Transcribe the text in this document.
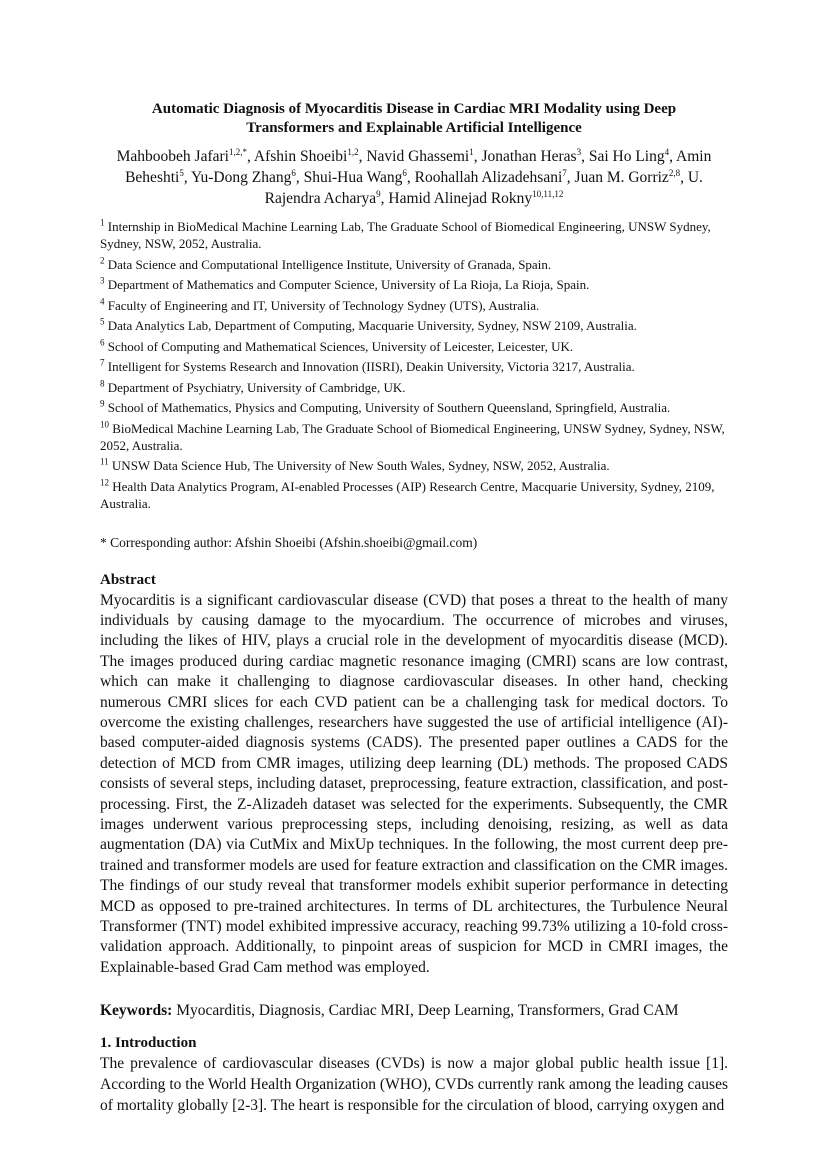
Automatic Diagnosis of Myocarditis Disease in Cardiac MRI Modality using Deep
Transformers and Explainable Artificial Intelligence

Mahboobeh Jafari$^{1,2,*}$, Afshin Shoeibi$^{1,2}$, Navid Ghassemi$^1$, Jonathan Heras$^3$, Sai Ho Ling$^4$, Amin Beheshti$^5$, Yu-Dong Zhang$^6$, Shui-Hua Wang$^6$, Roohallah Alizadehsani$^7$, Juan M. Gorriz$^{2,8}$, U. Rajendra Acharya$^9$, Hamid Alinejad Rokny$^{10,11,12}$

$^1$ Internship in BioMedical Machine Learning Lab, The Graduate School of Biomedical Engineering, UNSW Sydney, Sydney, NSW, 2052, Australia.

$^2$ Data Science and Computational Intelligence Institute, University of Granada, Spain.

$^3$ Department of Mathematics and Computer Science, University of La Rioja, La Rioja, Spain.

$^4$ Faculty of Engineering and IT, University of Technology Sydney (UTS), Australia.

$^5$ Data Analytics Lab, Department of Computing, Macquarie University, Sydney, NSW 2109, Australia.

$^6$ School of Computing and Mathematical Sciences, University of Leicester, Leicester, UK.

$^7$ Intelligent for Systems Research and Innovation (IISRI), Deakin University, Victoria 3217, Australia.

$^8$ Department of Psychiatry, University of Cambridge, UK.

$^9$ School of Mathematics, Physics and Computing, University of Southern Queensland, Springfield, Australia.

$^{10}$ BioMedical Machine Learning Lab, The Graduate School of Biomedical Engineering, UNSW Sydney, Sydney, NSW, 2052, Australia.

$^{11}$ UNSW Data Science Hub, The University of New South Wales, Sydney, NSW, 2052, Australia.

$^{12}$ Health Data Analytics Program, AI-enabled Processes (AIP) Research Centre, Macquarie University, Sydney, 2109, Australia.

* Corresponding author: Afshin Shoeibi (Afshin.shoeibi@gmail.com)
Abstract

Myocarditis is a significant cardiovascular disease (CVD) that poses a threat to the health of many individuals by causing damage to the myocardium. The occurrence of microbes and viruses, including the likes of HIV, plays a crucial role in the development of myocarditis disease (MCD). The images produced during cardiac magnetic resonance imaging (CMRI) scans are low contrast, which can make it challenging to diagnose cardiovascular diseases. In other hand, checking numerous CMRI slices for each CVD patient can be a challenging task for medical doctors. To overcome the existing challenges, researchers have suggested the use of artificial intelligence (AI)-based computer-aided diagnosis systems (CADS). The presented paper outlines a CADS for the detection of MCD from CMR images, utilizing deep learning (DL) methods. The proposed CADS consists of several steps, including dataset, preprocessing, feature extraction, classification, and post-processing. First, the Z-Alizadeh dataset was selected for the experiments. Subsequently, the CMR images underwent various preprocessing steps, including denoising, resizing, as well as data augmentation (DA) via CutMix and MixUp techniques. In the following, the most current deep pre-trained and transformer models are used for feature extraction and classification on the CMR images. The findings of our study reveal that transformer models exhibit superior performance in detecting MCD as opposed to pre-trained architectures. In terms of DL architectures, the Turbulence Neural Transformer (TNT) model exhibited impressive accuracy, reaching 99.73% utilizing a 10-fold cross-validation approach. Additionally, to pinpoint areas of suspicion for MCD in CMRI images, the Explainable-based Grad Cam method was employed.

Keywords: Myocarditis, Diagnosis, Cardiac MRI, Deep Learning, Transformers, Grad CAM
1. Introduction

The prevalence of cardiovascular diseases (CVDs) is now a major global public health issue [1]. According to the World Health Organization (WHO), CVDs currently rank among the leading causes of mortality globally [2-3]. The heart is responsible for the circulation of blood, carrying oxygen and
